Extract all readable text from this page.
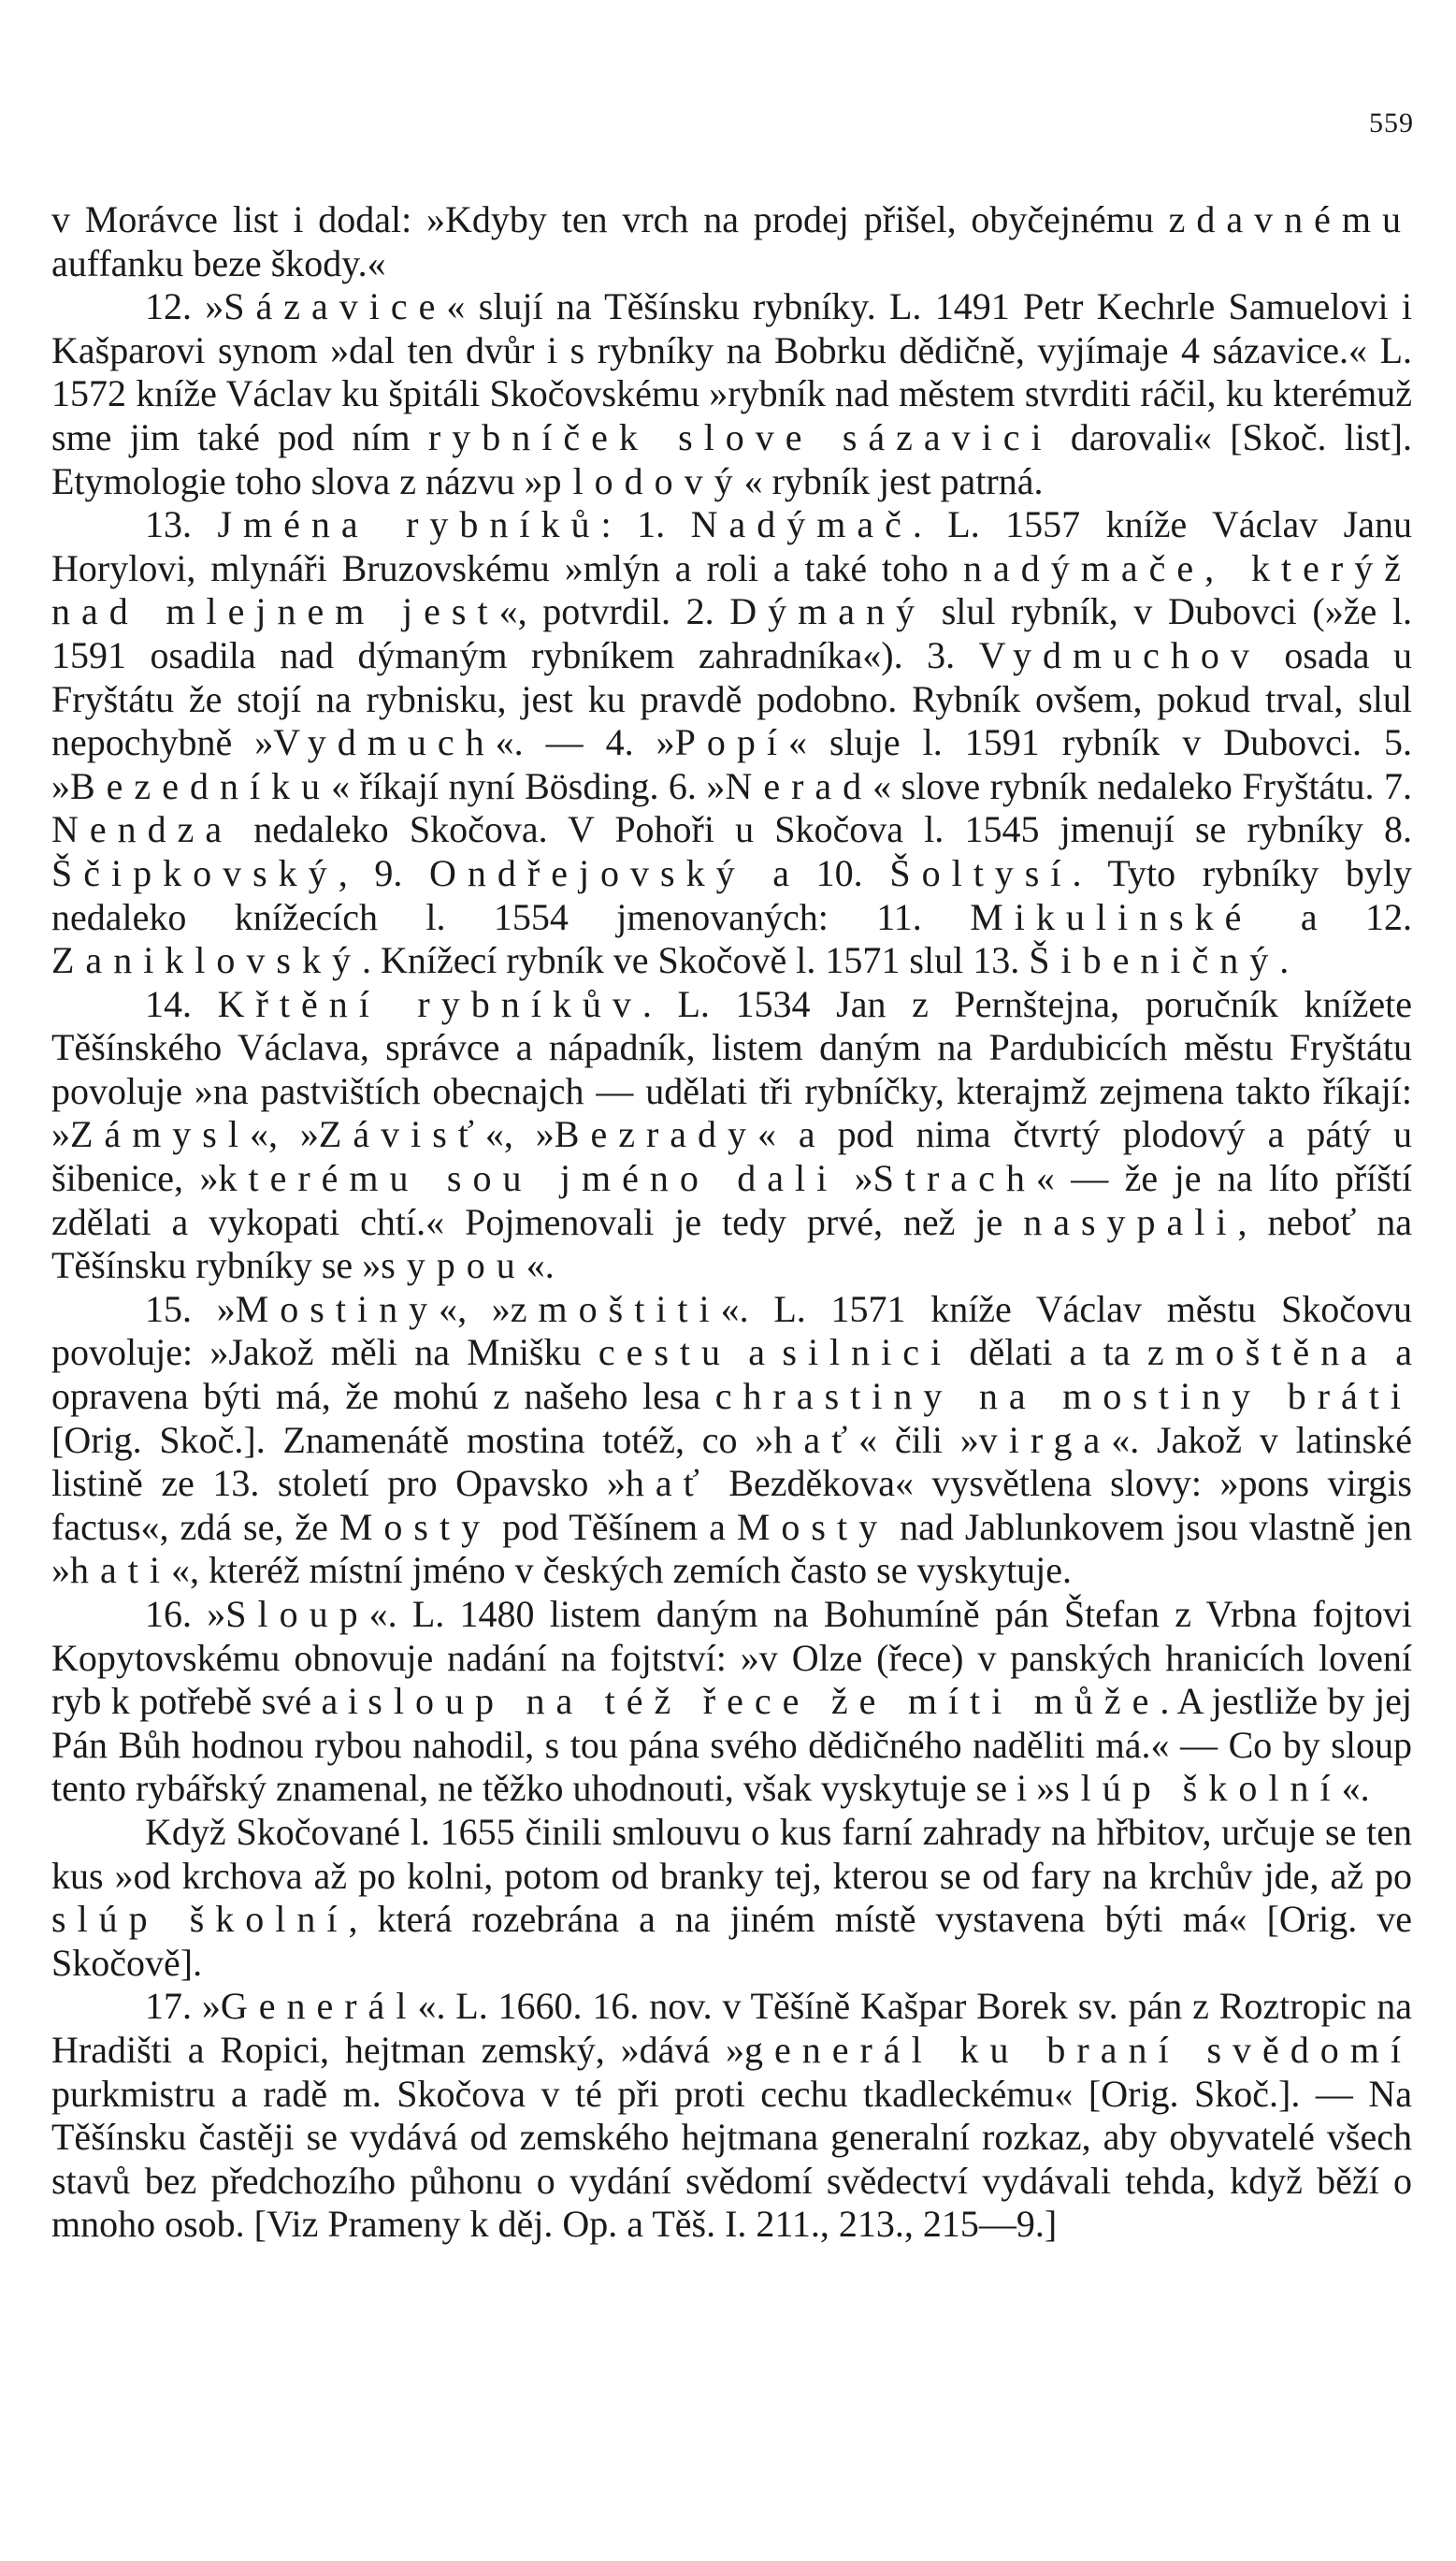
559

v Morávce list i dodal: »Kdyby ten vrch na prodej přišel, obyčejnému zdavnému auffanku beze škody.«

12. »Sázavice« slují na Těšínsku rybníky. L. 1491 Petr Kechrle Samuelovi i Kašparovi synom »dal ten dvůr i s rybníky na Bobrku dědičně, vyjímaje 4 sázavice.« L. 1572 kníže Václav ku špitáli Skočovskému »rybník nad městem stvrditi ráčil, ku kterémuž sme jim také pod ním rybníček slove sázavici darovali« [Skoč. list]. Etymologie toho slova z názvu »plodový« rybník jest patrná.

13. Jména rybníků: 1. Nadýmač. L. 1557 kníže Václav Janu Horylovi, mlynáři Bruzovskému »mlýn a roli a také toho nadýmače, kterýž nad mlejnem jest«, potvrdil. 2. Dýmaný slul rybník, v Dubovci (»že l. 1591 osadila nad dýmaným rybníkem zahradníka«). 3. Vydmuchov osada u Fryštátu že stojí na rybnisku, jest ku pravdě podobno. Rybník ovšem, pokud trval, slul nepochybně »Vydmuch«. — 4. »Popí« sluje l. 1591 rybník v Dubovci. 5. »Bezedníku« říkají nyní Bösding. 6. »Nerad« slove rybník nedaleko Fryštátu. 7. Nendza nedaleko Skočova. V Pohoři u Skočova l. 1545 jmenují se rybníky 8. Ščipkovský, 9. Ondřejovský a 10. Šoltysí. Tyto rybníky byly nedaleko knížecích l. 1554 jmenovaných: 11. Mikulinské a 12. Zaniklovský. Knížecí rybník ve Skočově l. 1571 slul 13. Šibeničný.

14. Křtění rybníkův. L. 1534 Jan z Pernštejna, poručník knížete Těšínského Václava, správce a nápadník, listem daným na Pardubicích městu Fryštátu povoluje »na pastvištích obecnajch — udělati tři rybníčky, kterajmž zejmena takto říkají: »Zámysl«, »Závisť«, »Bezrady« a pod nima čtvrtý plodový a pátý u šibenice, »kterému sou jméno dali »Strach« — že je na líto příští zdělati a vykopati chtí.« Pojmenovali je tedy prvé, než je nasypali, neboť na Těšínsku rybníky se »sypou«.

15. »Mostiny«, »zmoštiti«. L. 1571 kníže Václav městu Skočovu povoluje: »Jakož měli na Mnišku cestu a silnici dělati a ta zmoštěna a opravena býti má, že mohú z našeho lesa chrastiny na mostiny bráti [Orig. Skoč.]. Znamenátě mostina totéž, co »hať« čili »virga«. Jakož v latinské listině ze 13. století pro Opavsko »hať Bezděkova« vysvětlena slovy: »pons virgis factus«, zdá se, že Mosty pod Těšínem a Mosty nad Jablunkovem jsou vlastně jen »hati«, kteréž místní jméno v českých zemích často se vyskytuje.

16. »Sloup«. L. 1480 listem daným na Bohumíně pán Štefan z Vrbna fojtovi Kopytovskému obnovuje nadání na fojtství: »v Olze (řece) v panských hranicích lovení ryb k potřebě své a i sloup na též řece že míti může. A jestliže by jej Pán Bůh hodnou rybou nahodil, s tou pána svého dědičného naděliti má.« — Co by sloup tento rybářský znamenal, ne těžko uhodnouti, však vyskytuje se i »slúp školní«.

Když Skočované l. 1655 činili smlouvu o kus farní zahrady na hřbitov, určuje se ten kus »od krchova až po kolni, potom od branky tej, kterou se od fary na krchův jde, až po slúp školní, která rozebrána a na jiném místě vystavena býti má« [Orig. ve Skočově].

17. »Generál«. L. 1660. 16. nov. v Těšíně Kašpar Borek sv. pán z Roztropic na Hradišti a Ropici, hejtman zemský, »dává »generál ku braní svědomí purkmistru a radě m. Skočova v té při proti cechu tkadleckému« [Orig. Skoč.]. — Na Těšínsku častěji se vydává od zemského hejtmana generalní rozkaz, aby obyvatelé všech stavů bez předchozího půhonu o vydání svědomí svědectví vydávali tehda, když běží o mnoho osob. [Viz Prameny k děj. Op. a Těš. I. 211., 213., 215—9.]
